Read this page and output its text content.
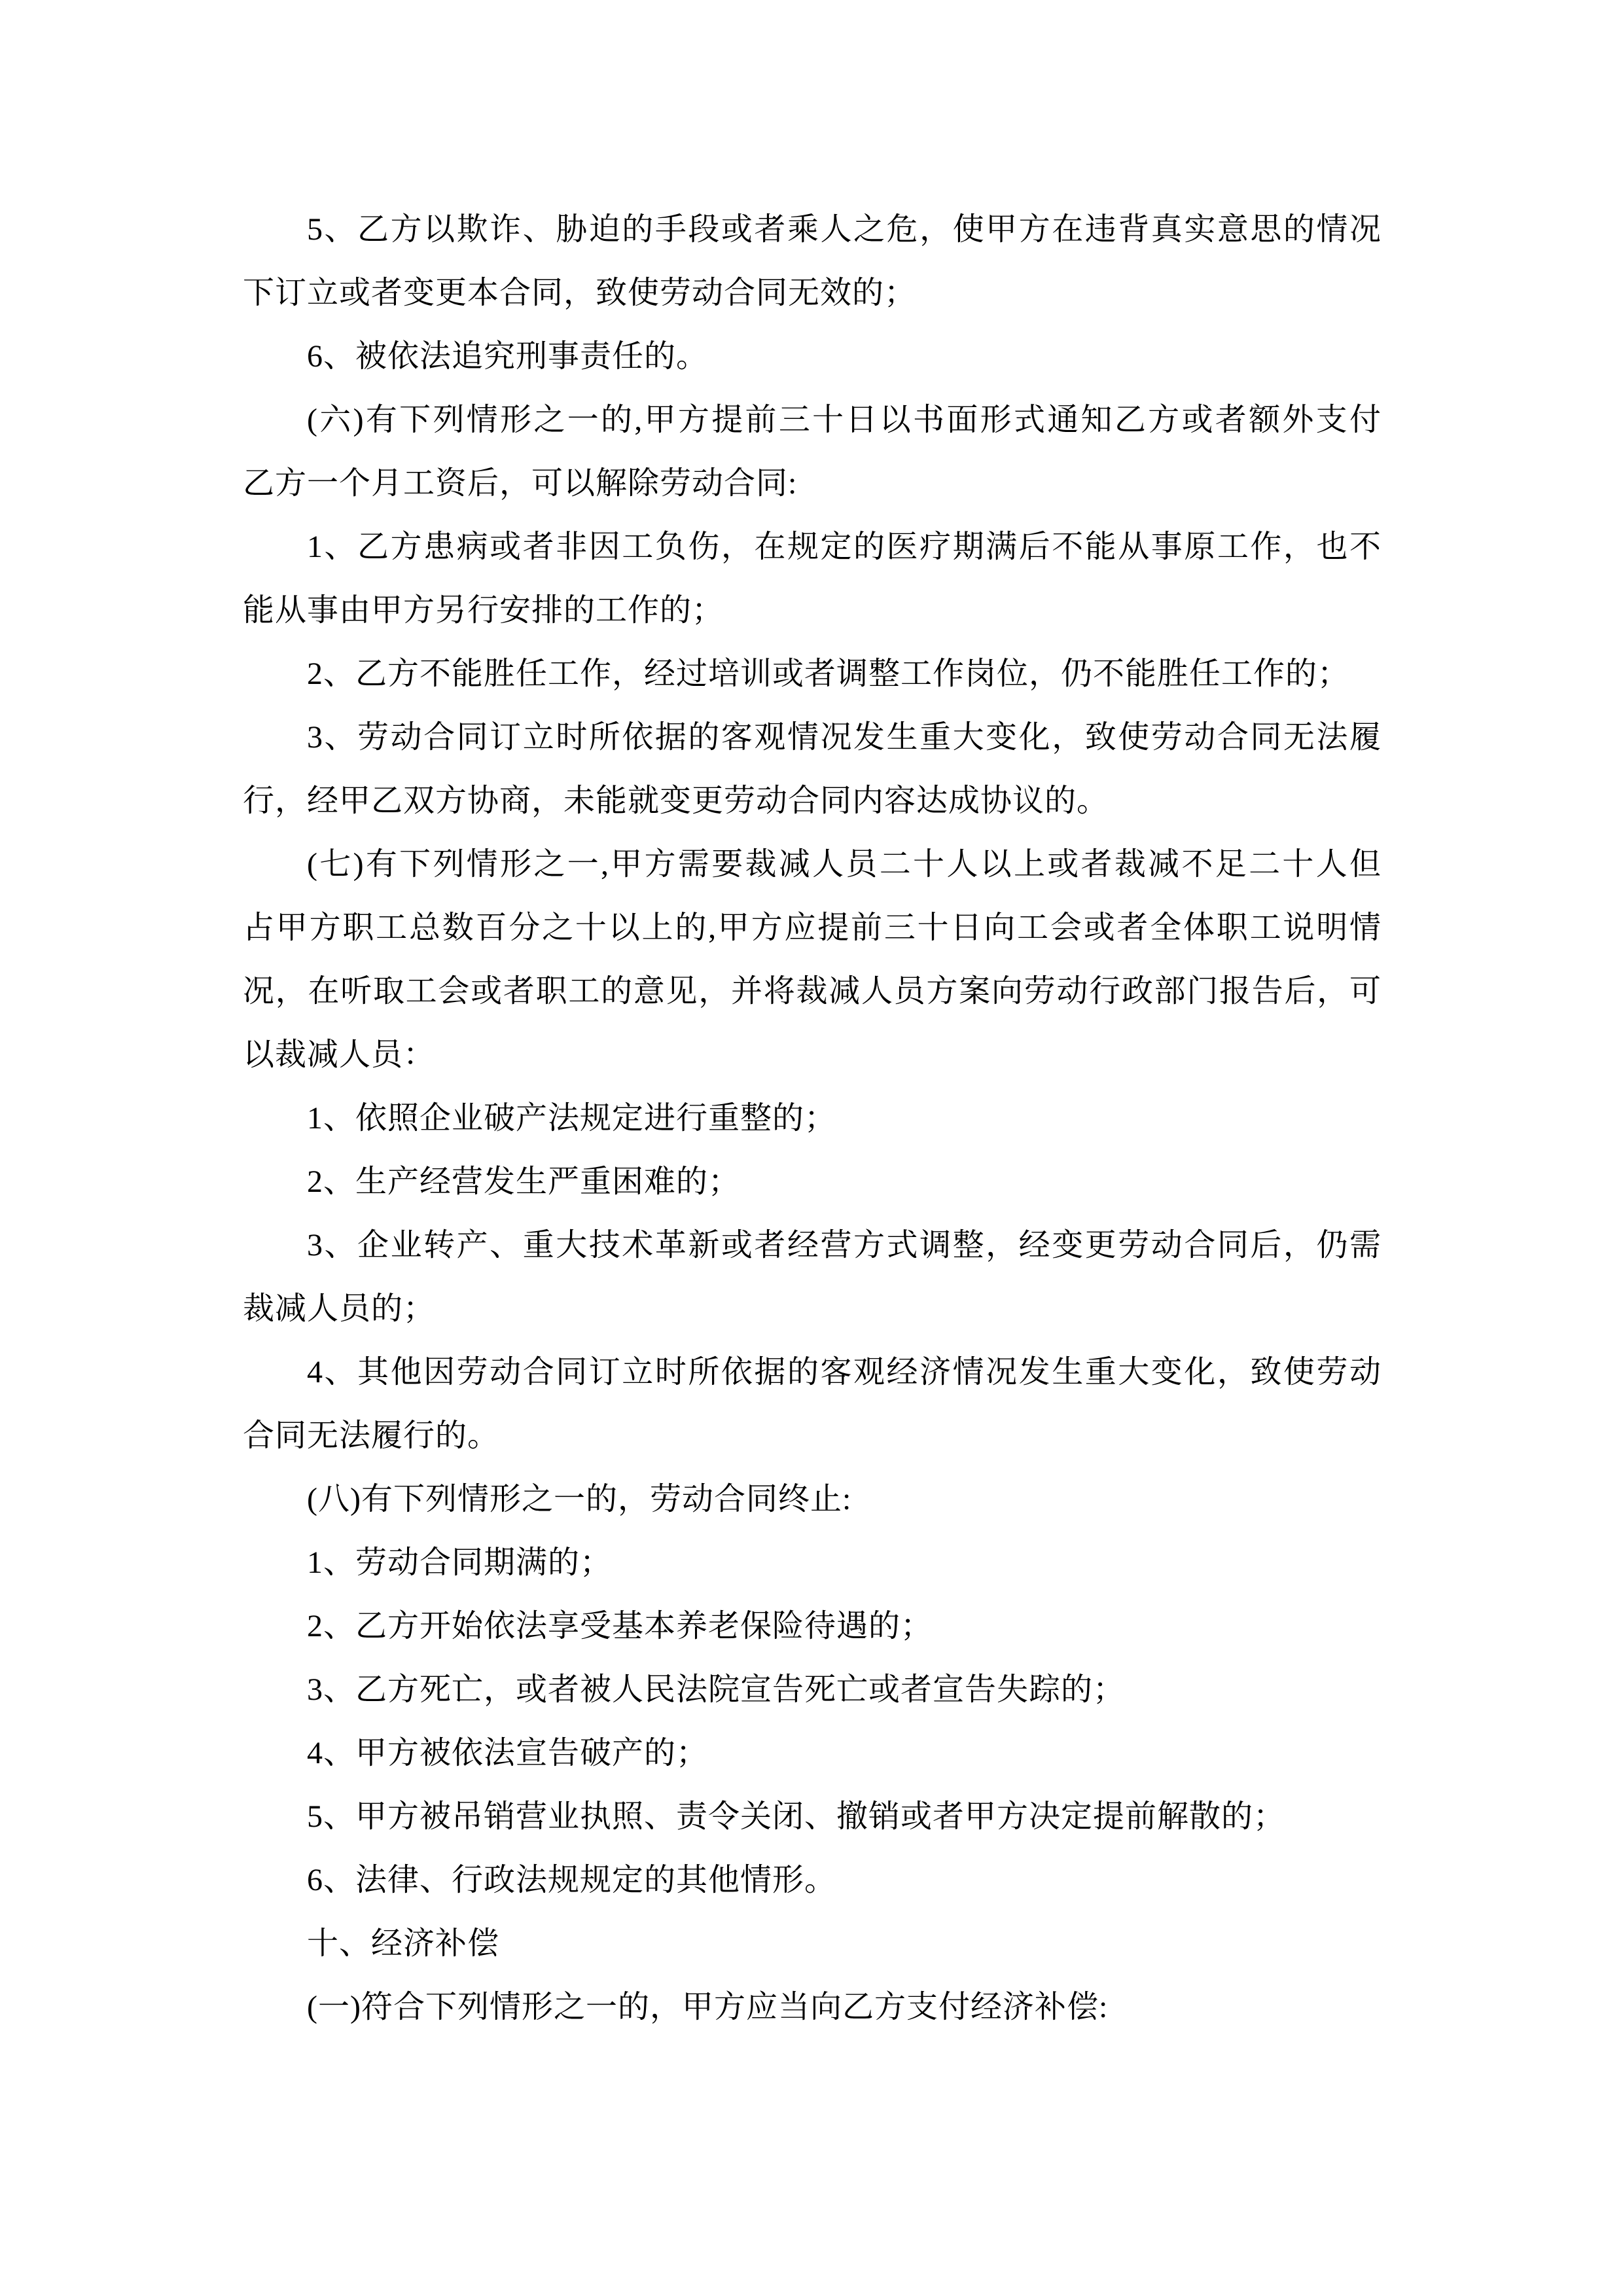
5、乙方以欺诈、胁迫的手段或者乘人之危，使甲方在违背真实意思的情况
下订立或者变更本合同，致使劳动合同无效的；
6、被依法追究刑事责任的。
(六)有下列情形之一的,甲方提前三十日以书面形式通知乙方或者额外支付
乙方一个月工资后，可以解除劳动合同:
1、乙方患病或者非因工负伤，在规定的医疗期满后不能从事原工作，也不
能从事由甲方另行安排的工作的；
2、乙方不能胜任工作，经过培训或者调整工作岗位，仍不能胜任工作的；
3、劳动合同订立时所依据的客观情况发生重大变化，致使劳动合同无法履
行，经甲乙双方协商，未能就变更劳动合同内容达成协议的。
(七)有下列情形之一,甲方需要裁减人员二十人以上或者裁减不足二十人但
占甲方职工总数百分之十以上的,甲方应提前三十日向工会或者全体职工说明情
况，在听取工会或者职工的意见，并将裁减人员方案向劳动行政部门报告后，可
以裁减人员：
1、依照企业破产法规定进行重整的；
2、生产经营发生严重困难的；
3、企业转产、重大技术革新或者经营方式调整，经变更劳动合同后，仍需
裁减人员的；
4、其他因劳动合同订立时所依据的客观经济情况发生重大变化，致使劳动
合同无法履行的。
(八)有下列情形之一的，劳动合同终止:
1、劳动合同期满的；
2、乙方开始依法享受基本养老保险待遇的；
3、乙方死亡，或者被人民法院宣告死亡或者宣告失踪的；
4、甲方被依法宣告破产的；
5、甲方被吊销营业执照、责令关闭、撤销或者甲方决定提前解散的；
6、法律、行政法规规定的其他情形。
十、经济补偿
(一)符合下列情形之一的，甲方应当向乙方支付经济补偿:
